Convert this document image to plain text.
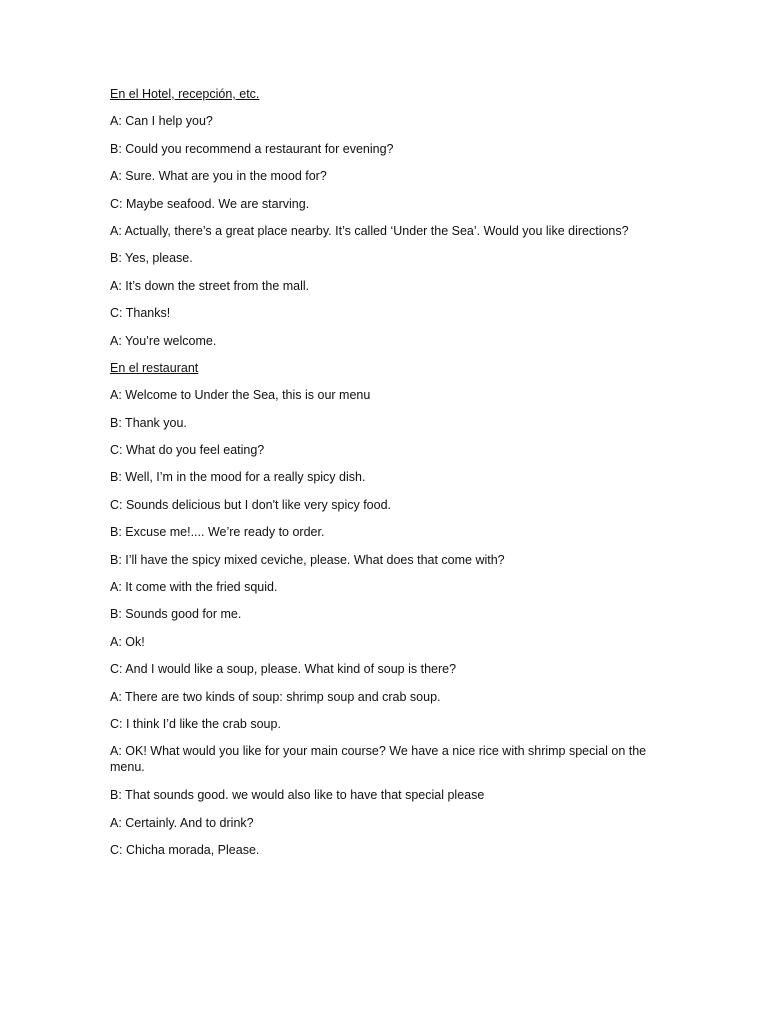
En el Hotel, recepción, etc.
A: Can I help you?
B: Could you recommend a restaurant for evening?
A: Sure. What are you in the mood for?
C: Maybe seafood. We are starving.
A: Actually, there’s a great place nearby. It’s called ‘Under the Sea’. Would you like directions?
B: Yes, please.
A: It’s down the street from the mall.
C: Thanks!
A: You’re welcome.
En el restaurant
A: Welcome to Under the Sea, this is our menu
B: Thank you.
C: What do you feel eating?
B: Well, I’m in the mood for a really spicy dish.
C: Sounds delicious but I don't like very spicy food.
B: Excuse me!.... We’re ready to order.
B: I’ll have the spicy mixed ceviche, please. What does that come with?
A: It come with the fried squid.
B: Sounds good for me.
A: Ok!
C: And I would like a soup, please. What kind of soup is there?
A: There are two kinds of soup: shrimp soup and crab soup.
C: I think I’d like the crab soup.
A: OK! What would you like for your main course? We have a nice rice with shrimp special on the menu.
B: That sounds good. we would also like to have that special please
A: Certainly. And to drink?
C: Chicha morada, Please.
